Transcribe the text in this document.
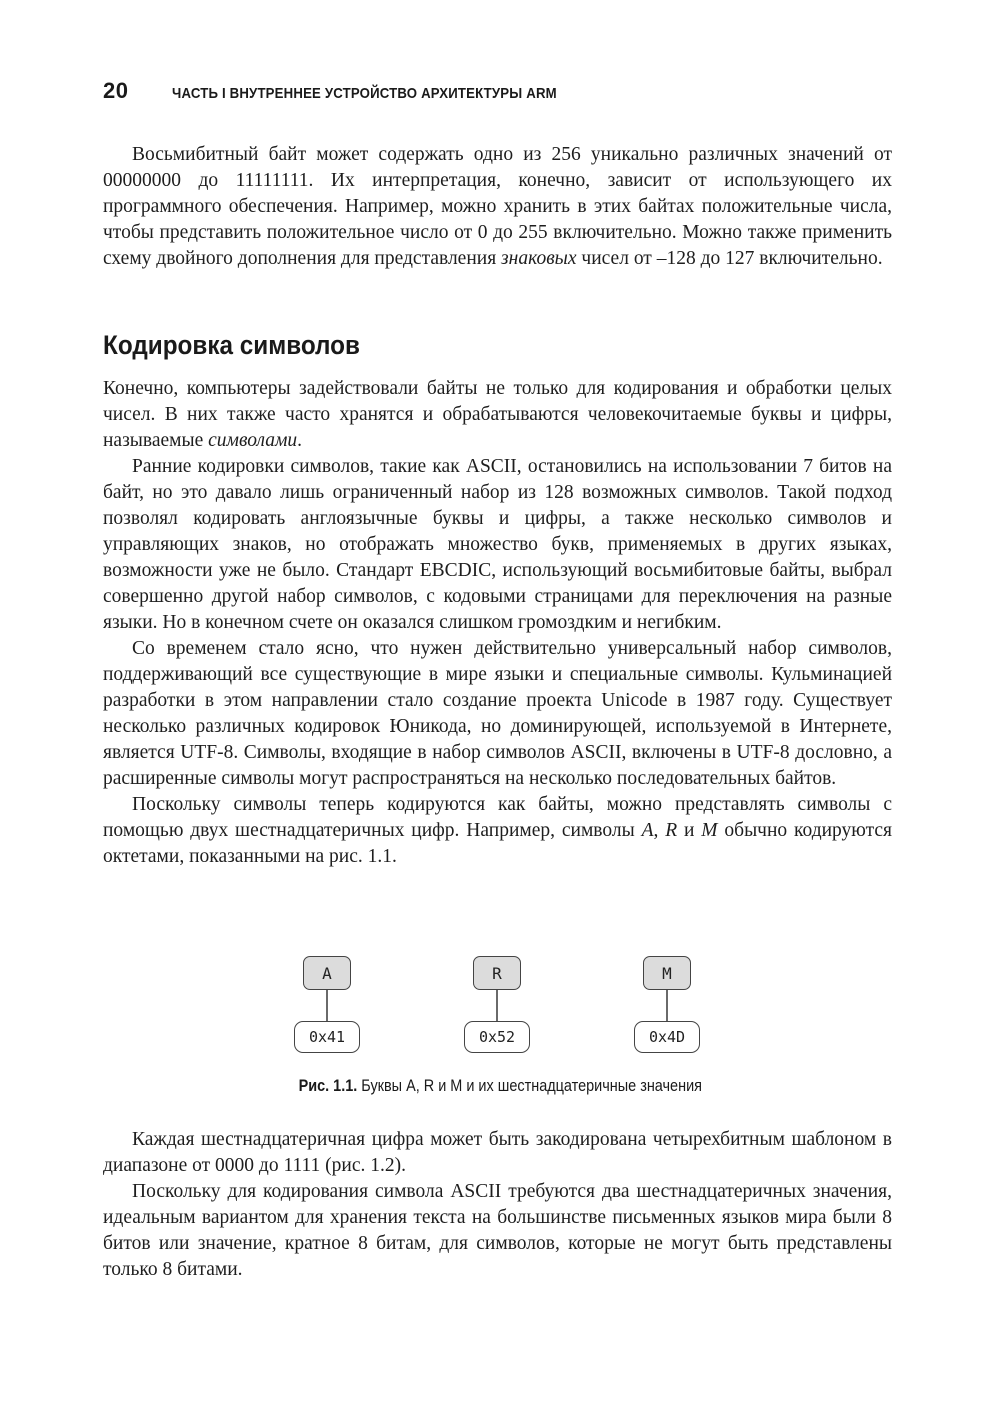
20	ЧАСТЬ I ВНУТРЕННЕЕ УСТРОЙСТВО АРХИТЕКТУРЫ ARM

Восьмибитный байт может содержать одно из 256 уникально различных значений от 00000000 до 11111111. Их интерпретация, конечно, зависит от использующего их программного обеспечения. Например, можно хранить в этих байтах положительные числа, чтобы представить положительное число от 0 до 255 включительно. Можно также применить схему двойного дополнения для представления знаковых чисел от –128 до 127 включительно.

Кодировка символов

Конечно, компьютеры задействовали байты не только для кодирования и обработки целых чисел. В них также часто хранятся и обрабатываются человекочитаемые буквы и цифры, называемые символами.

Ранние кодировки символов, такие как ASCII, остановились на использовании 7 битов на байт, но это давало лишь ограниченный набор из 128 возможных символов. Такой подход позволял кодировать англоязычные буквы и цифры, а также несколько символов и управляющих знаков, но отображать множество букв, применяемых в других языках, возможности уже не было. Стандарт EBCDIC, использующий восьмибитовые байты, выбрал совершенно другой набор символов, с кодовыми страницами для переключения на разные языки. Но в конечном счете он оказался слишком громоздким и негибким.

Со временем стало ясно, что нужен действительно универсальный набор символов, поддерживающий все существующие в мире языки и специальные символы. Кульминацией разработки в этом направлении стало создание проекта Unicode в 1987 году. Существует несколько различных кодировок Юникода, но доминирующей, используемой в Интернете, является UTF-8. Символы, входящие в набор символов ASCII, включены в UTF-8 дословно, а расширенные символы могут распространяться на несколько последовательных байтов.

Поскольку символы теперь кодируются как байты, можно представлять символы с помощью двух шестнадцатеричных цифр. Например, символы A, R и M обычно кодируются октетами, показанными на рис. 1.1.

A	R	M
0x41	0x52	0x4D
Рис. 1.1. Буквы A, R и M и их шестнадцатеричные значения

Каждая шестнадцатеричная цифра может быть закодирована четырехбитным шаблоном в диапазоне от 0000 до 1111 (рис. 1.2).

Поскольку для кодирования символа ASCII требуются два шестнадцатеричных значения, идеальным вариантом для хранения текста на большинстве письменных языков мира были 8 битов или значение, кратное 8 битам, для символов, которые не могут быть представлены только 8 битами.
